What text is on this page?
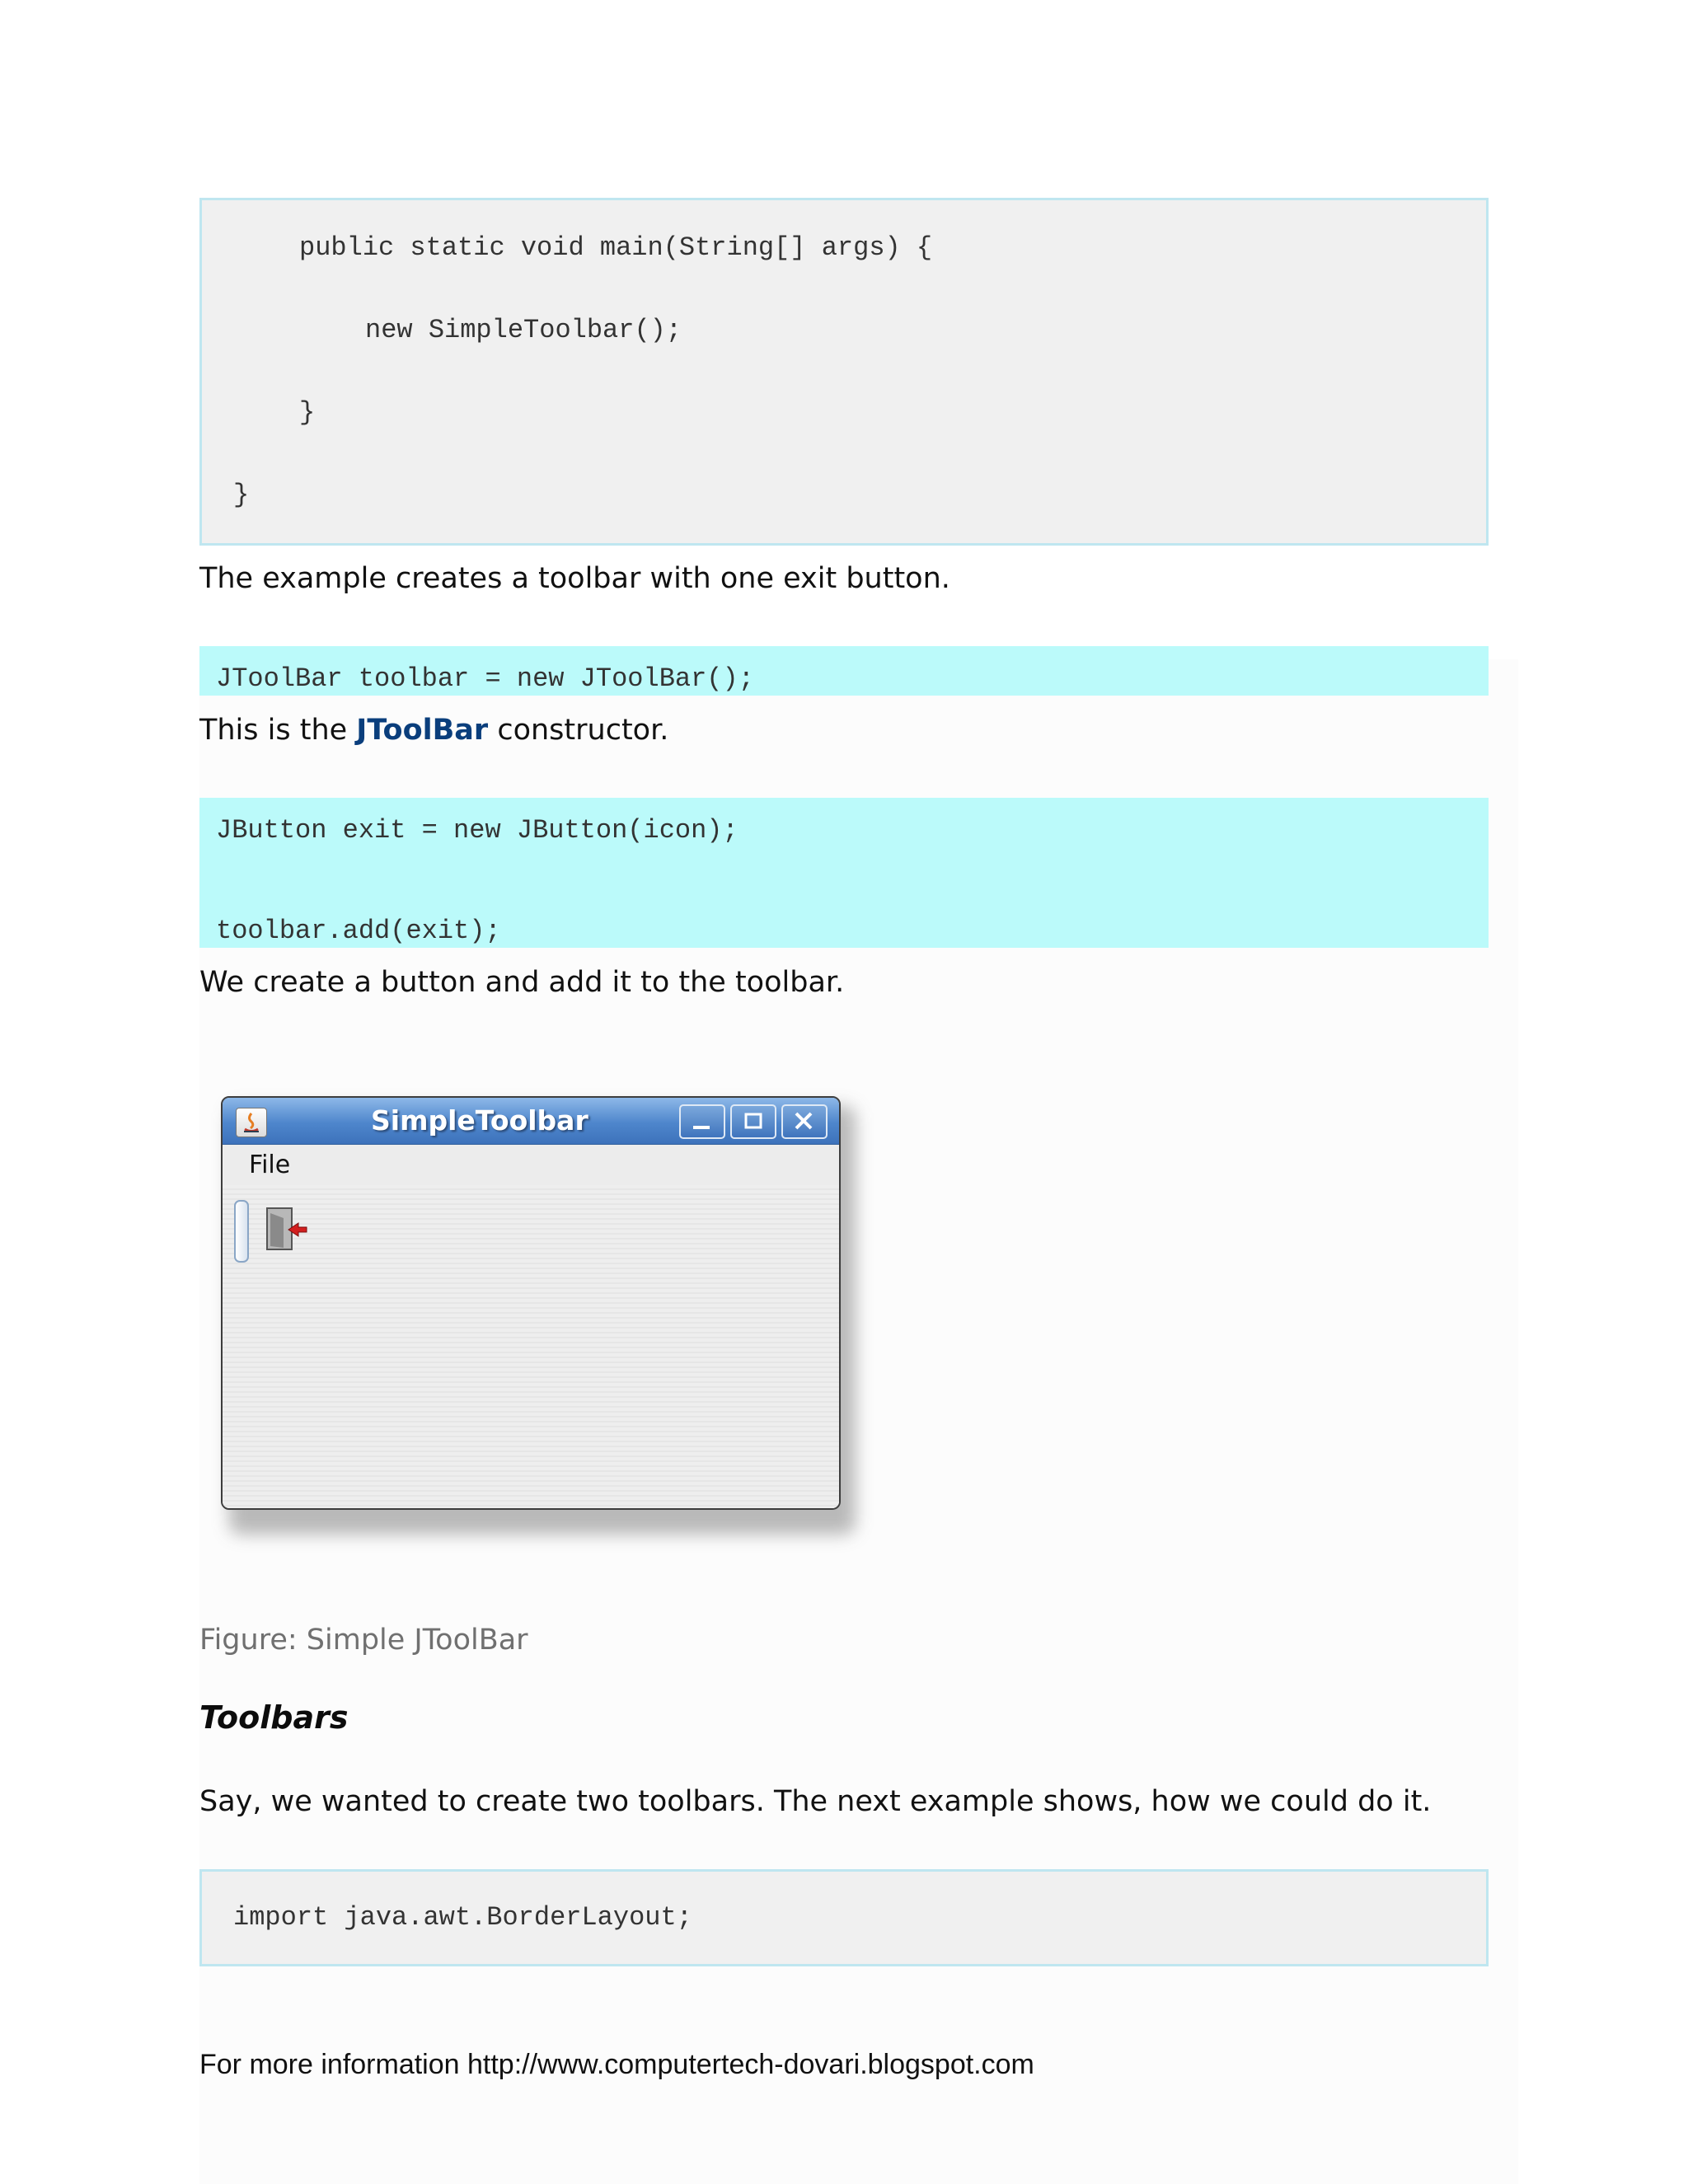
public static void main(String[] args) {
new SimpleToolbar();
}
}
The example creates a toolbar with one exit button.
JToolBar toolbar = new JToolBar();
This is the JToolBar constructor.
JButton exit = new JButton(icon);
toolbar.add(exit);
We create a button and add it to the toolbar.
SimpleToolbar
File
Figure: Simple JToolBar
Toolbars
Say, we wanted to create two toolbars. The next example shows, how we could do it.
import java.awt.BorderLayout;
For more information http://www.computertech-dovari.blogspot.com
